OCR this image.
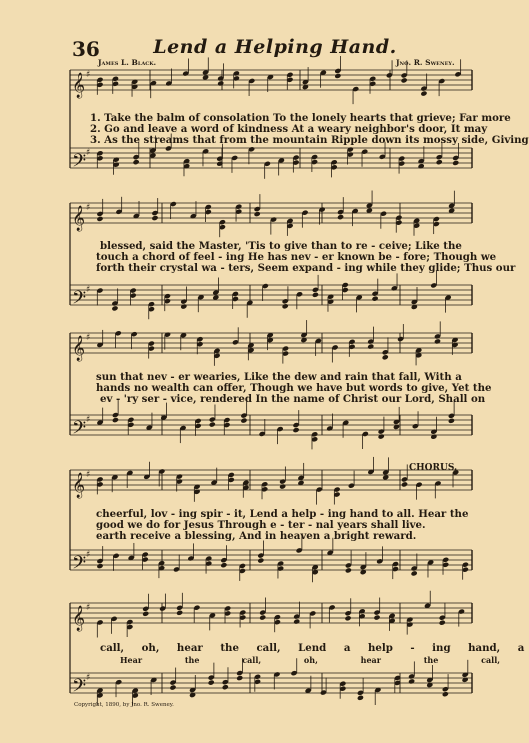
𝄞 ♯
𝄢 ♯
𝄞 ♯
𝄢 ♯
𝄞 ♯
𝄢 ♯
𝄞 ♯
𝄢 ♯
𝄞 ♯
𝄢 ♯
36	Lend a Helping Hand.
James L. Black.	Jno. R. Sweney.
1. Take the balm of consolation To the lonely hearts that grieve; Far more
2. Go and leave a word of kindness At a weary neighbor's door, It may
3. As the streams that from the mountain Ripple down its mossy side, Giving
blessed, said the Master, 'Tis to give than to re - ceive; Like the
touch a chord of feel - ing He has nev - er known be - fore; Though we
forth their crystal wa - ters, Seem expand - ing while they glide; Thus our
sun that nev - er wearies, Like the dew and rain that fall, With a
hands no wealth can offer, Though we have but words to give, Yet the
ev - 'ry ser - vice, rendered In the name of Christ our Lord, Shall on
CHORUS.
cheerful, lov - ing spir - it, Lend a help - ing hand to all. Hear the
good we do for Jesus Through e - ter - nal years shall live.
earth receive a blessing, And in heaven a bright reward.
call, oh, hear the call, Lend a help - ing hand, a
Hear the call, oh, hear the call,
Copyright, 1890, by Jno. R. Sweney.
